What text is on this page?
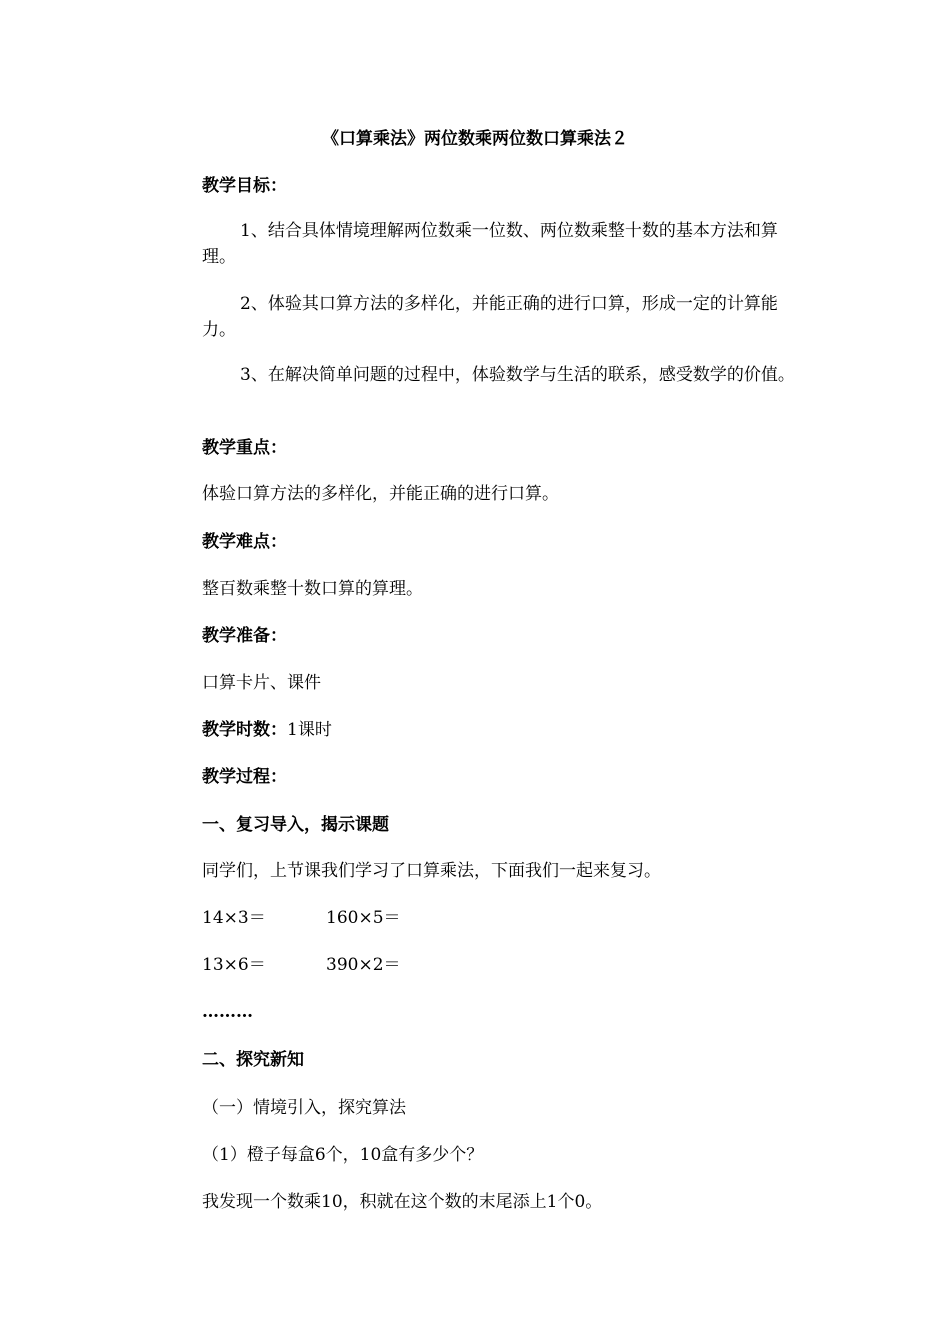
《口算乘法》两位数乘两位数口算乘法２
教学目标：
1、结合具体情境理解两位数乘一位数、两位数乘整十数的基本方法和算理。
2、体验其口算方法的多样化，并能正确的进行口算，形成一定的计算能力。
3、在解决简单问题的过程中，体验数学与生活的联系，感受数学的价值。
教学重点：
体验口算方法的多样化，并能正确的进行口算。
教学难点：
整百数乘整十数口算的算理。
教学准备：
口算卡片、课件
教学时数：1课时
教学过程：
一、复习导入，揭示课题
同学们，上节课我们学习了口算乘法，下面我们一起来复习。
14×3＝	160×5＝
13×6＝	390×2＝
………
二、探究新知
（一）情境引入，探究算法
（1）橙子每盒6个，10盒有多少个？
我发现一个数乘10，积就在这个数的末尾添上1个0。
